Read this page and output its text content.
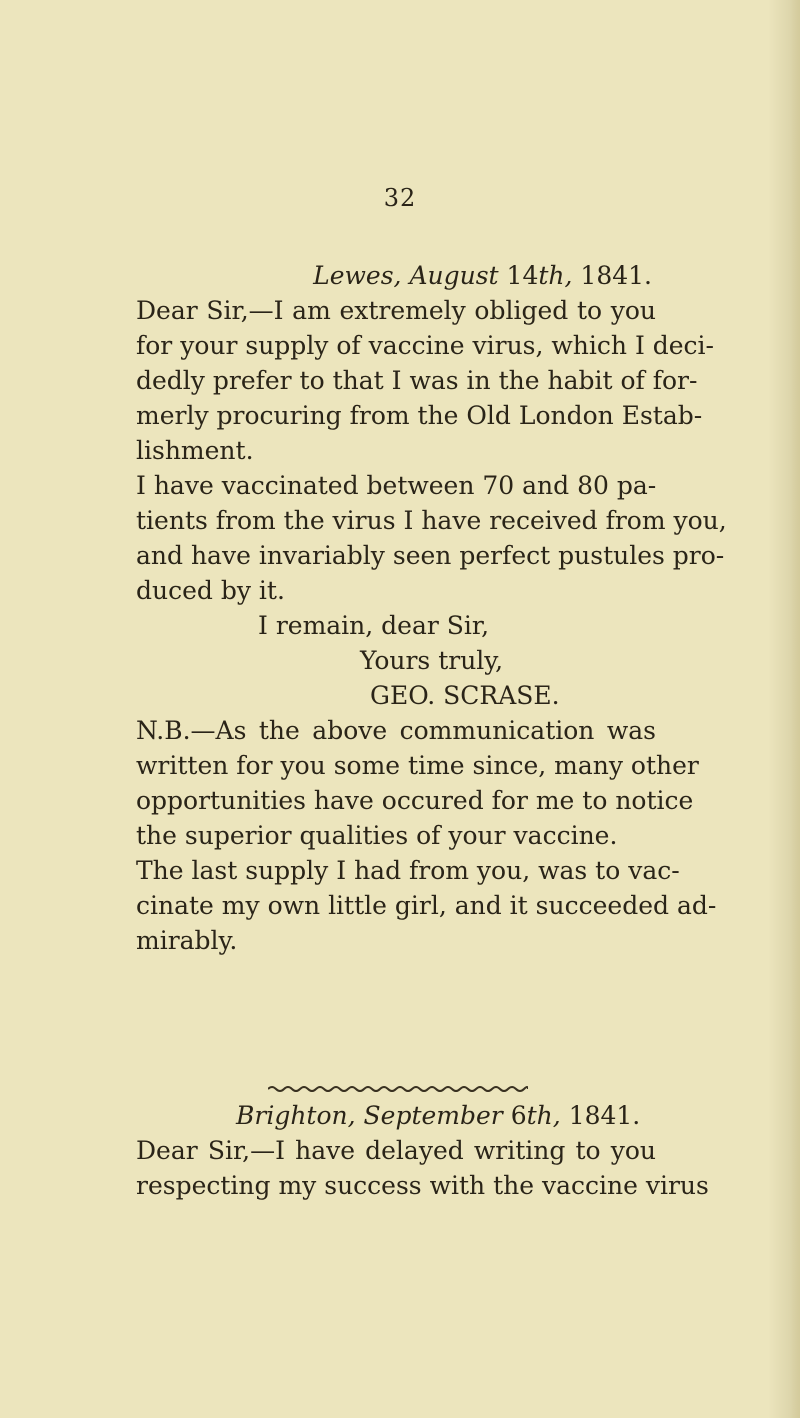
32
Lewes, August 14th, 1841.
Dear Sir,—I am extremely obliged to you
for your supply of vaccine virus, which I deci-
dedly prefer to that I was in the habit of for-
merly procuring from the Old London Estab-
lishment.
I have vaccinated between 70 and 80 pa-
tients from the virus I have received from you,
and have invariably seen perfect pustules pro-
duced by it.
I remain, dear Sir,
Yours truly,
GEO. SCRASE.
N.B.—As the above communication was
written for you some time since, many other
opportunities have occured for me to notice
the superior qualities of your vaccine.
The last supply I had from you, was to vac-
cinate my own little girl, and it succeeded ad-
mirably.
Brighton, September 6th, 1841.
Dear Sir,—I have delayed writing to you
respecting my success with the vaccine virus
